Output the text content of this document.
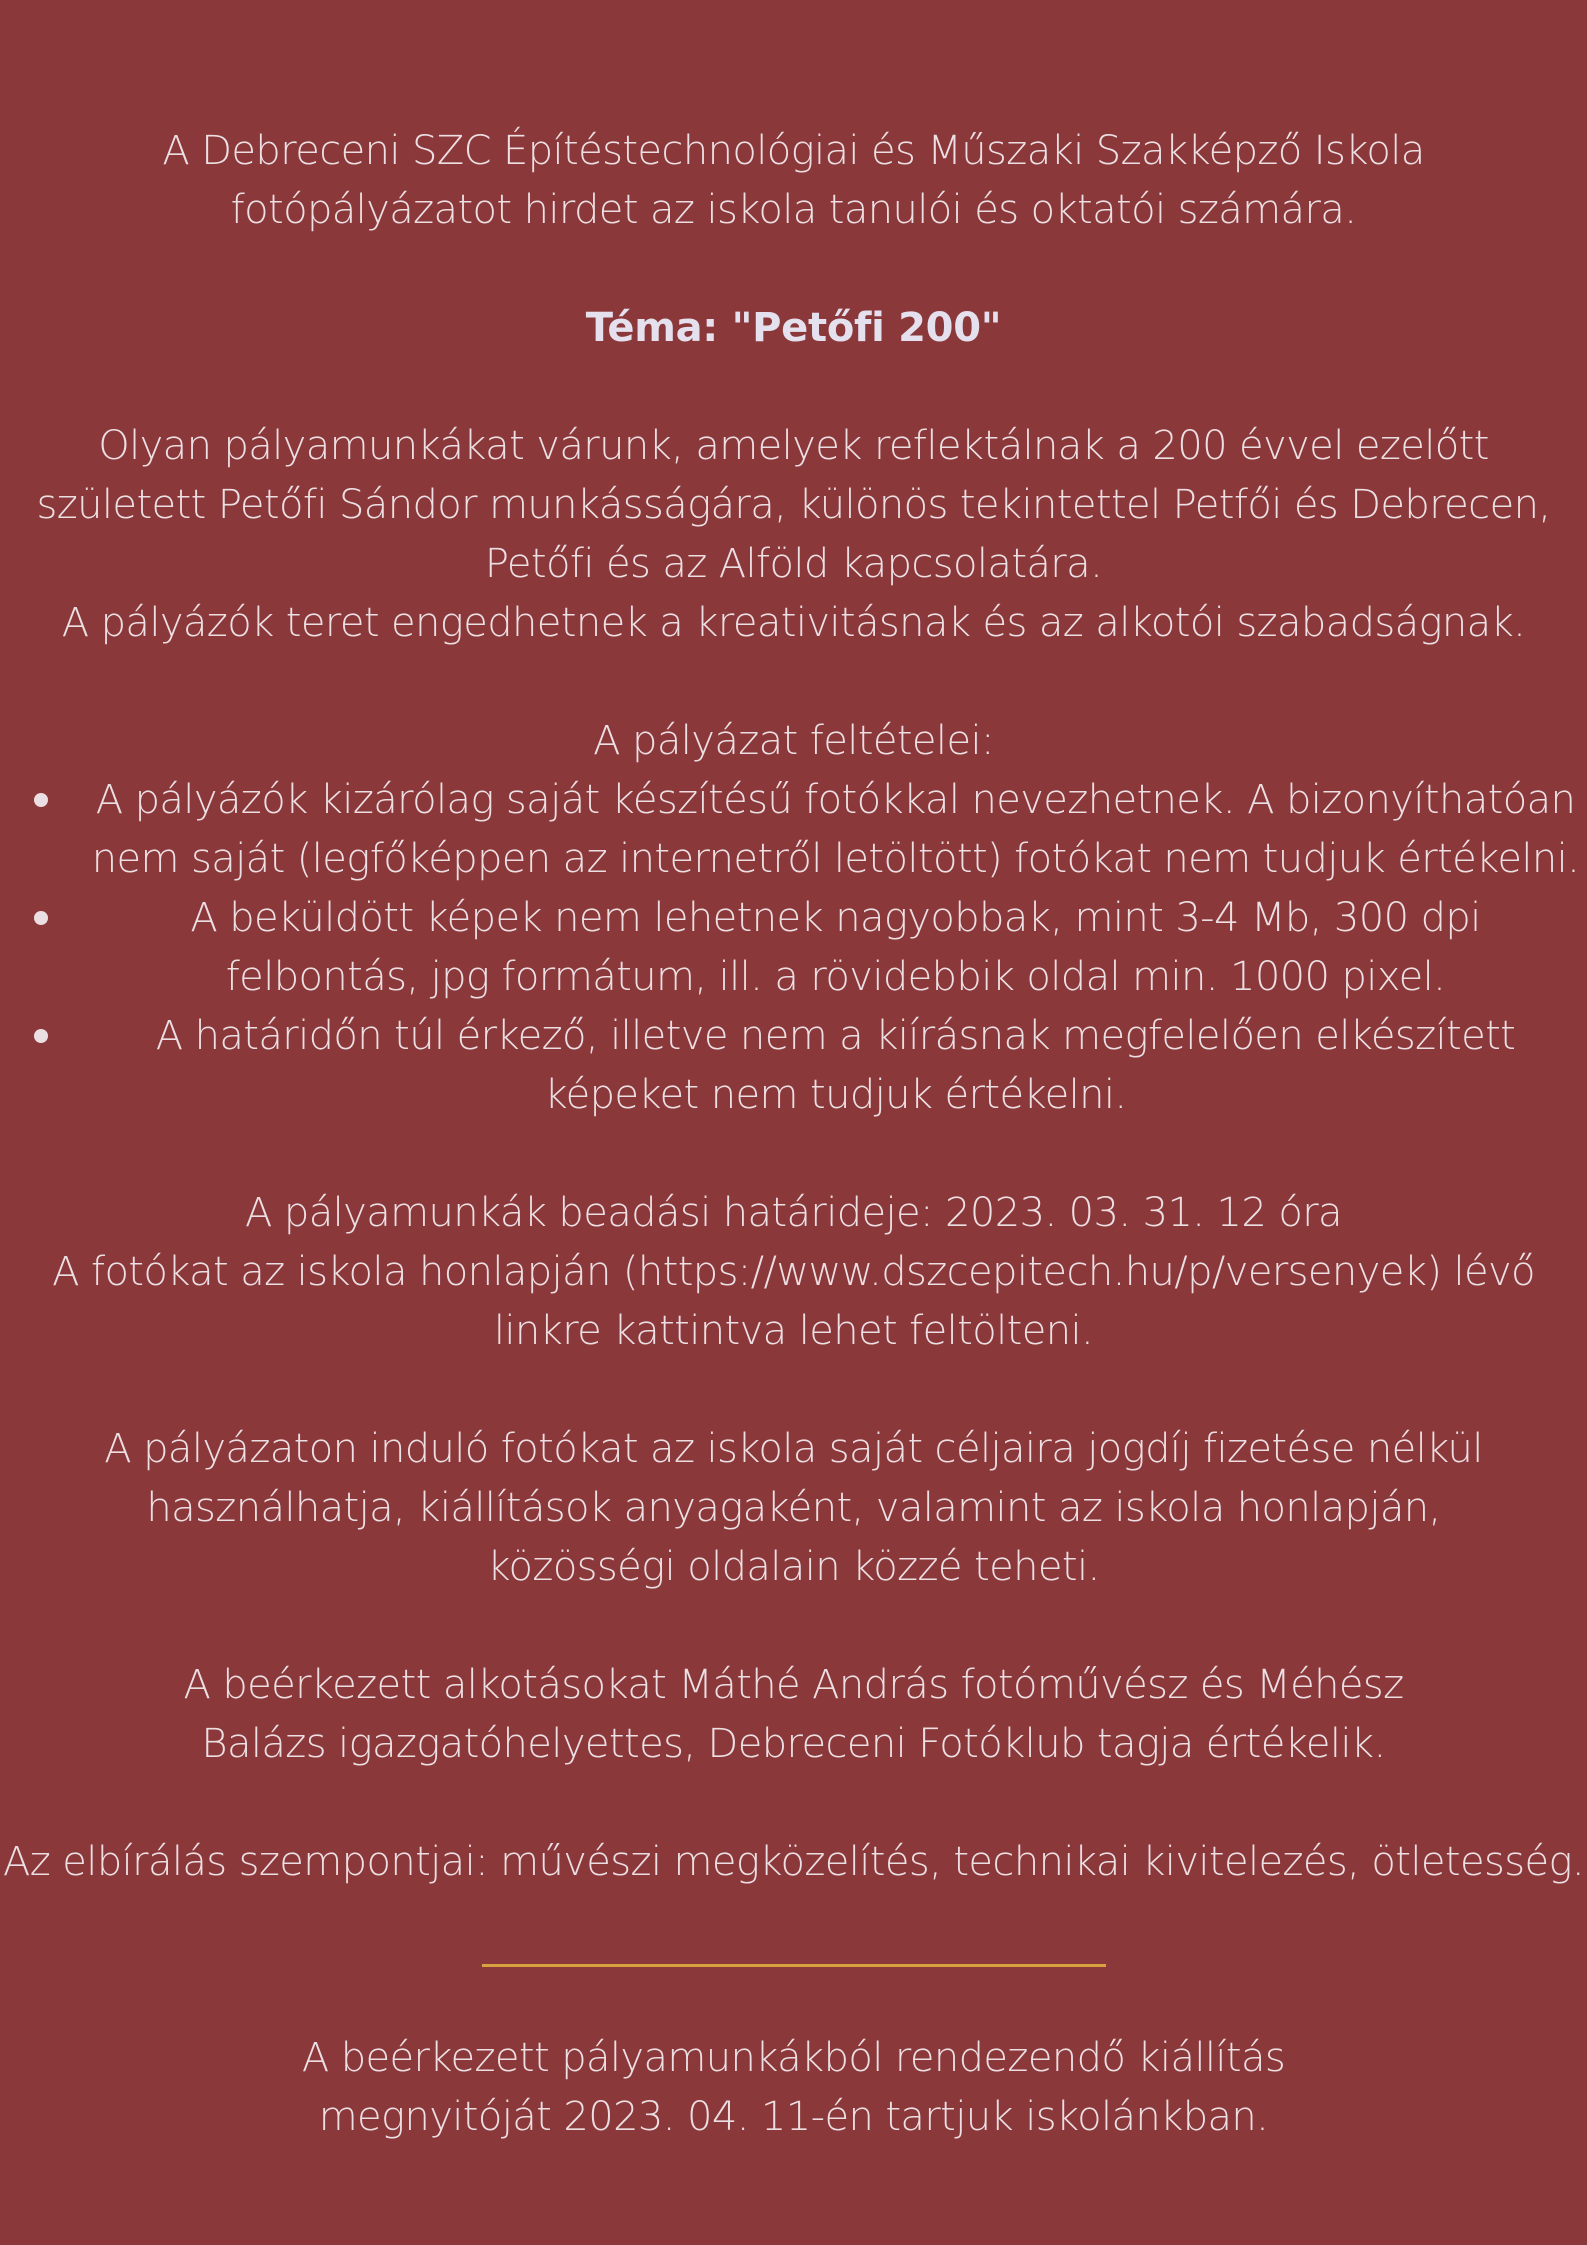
A Debreceni SZC Építéstechnológiai és Műszaki Szakképző Iskola fotópályázatot hirdet az iskola tanulói és oktatói számára.

Téma: "Petőfi 200"

Olyan pályamunkákat várunk, amelyek reflektálnak a 200 évvel ezelőtt született Petőfi Sándor munkásságára, különös tekintettel Petfői és Debrecen, Petőfi és az Alföld kapcsolatára.

A pályázók teret engedhetnek a kreativitásnak és az alkotói szabadságnak.

A pályázat feltételei:

A pályázók kizárólag saját készítésű fotókkal nevezhetnek. A bizonyíthatóan nem saját (legfőképpen az internetről letöltött) fotókat nem tudjuk értékelni.
A beküldött képek nem lehetnek nagyobbak, mint 3-4 Mb, 300 dpi felbontás, jpg formátum, ill. a rövidebbik oldal min. 1000 pixel.
A határidőn túl érkező, illetve nem a kiírásnak megfelelően elkészített képeket nem tudjuk értékelni.

A pályamunkák beadási határideje: 2023. 03. 31. 12 óra

A fotókat az iskola honlapján (https://www.dszcepitech.hu/p/versenyek) lévő linkre kattintva lehet feltölteni.

A pályázaton induló fotókat az iskola saját céljaira jogdíj fizetése nélkül használhatja, kiállítások anyagaként, valamint az iskola honlapján, közösségi oldalain közzé teheti.

A beérkezett alkotásokat Máthé András fotóművész és Méhész Balázs igazgatóhelyettes, Debreceni Fotóklub tagja értékelik.

Az elbírálás szempontjai: művészi megközelítés, technikai kivitelezés, ötletesség.

A beérkezett pályamunkákból rendezendő kiállítás

megnyitóját 2023. 04. 11-én tartjuk iskolánkban.
